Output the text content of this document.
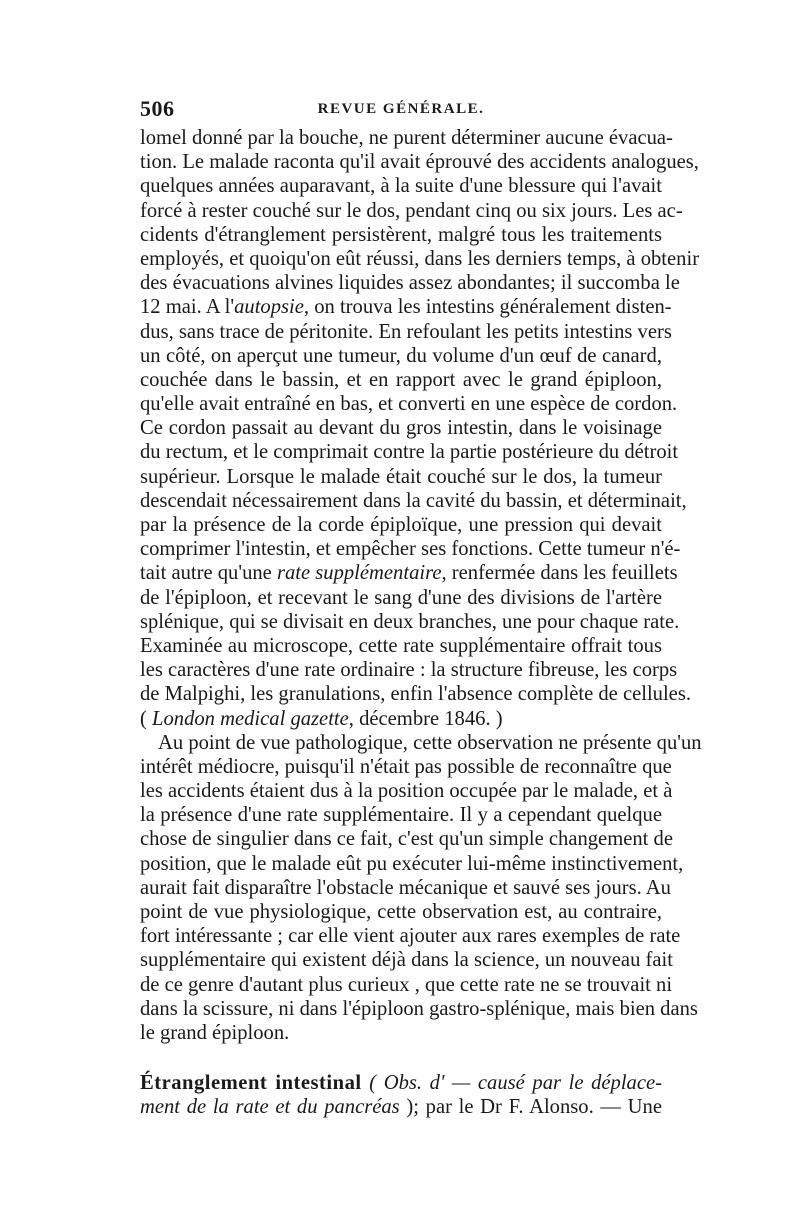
506	REVUE GÉNÉRALE.
lomel donné par la bouche, ne purent déterminer aucune évacua-
tion. Le malade raconta qu'il avait éprouvé des accidents analogues,
quelques années auparavant, à la suite d'une blessure qui l'avait
forcé à rester couché sur le dos, pendant cinq ou six jours. Les ac-
cidents d'étranglement persistèrent, malgré tous les traitements
employés, et quoiqu'on eût réussi, dans les derniers temps, à obtenir
des évacuations alvines liquides assez abondantes; il succomba le
12 mai. A l'autopsie, on trouva les intestins généralement disten-
dus, sans trace de péritonite. En refoulant les petits intestins vers
un côté, on aperçut une tumeur, du volume d'un œuf de canard,
couchée dans le bassin, et en rapport avec le grand épiploon,
qu'elle avait entraîné en bas, et converti en une espèce de cordon.
Ce cordon passait au devant du gros intestin, dans le voisinage
du rectum, et le comprimait contre la partie postérieure du détroit
supérieur. Lorsque le malade était couché sur le dos, la tumeur
descendait nécessairement dans la cavité du bassin, et déterminait,
par la présence de la corde épiploïque, une pression qui devait
comprimer l'intestin, et empêcher ses fonctions. Cette tumeur n'é-
tait autre qu'une rate supplémentaire, renfermée dans les feuillets
de l'épiploon, et recevant le sang d'une des divisions de l'artère
splénique, qui se divisait en deux branches, une pour chaque rate.
Examinée au microscope, cette rate supplémentaire offrait tous
les caractères d'une rate ordinaire : la structure fibreuse, les corps
de Malpighi, les granulations, enfin l'absence complète de cellules.
( London medical gazette, décembre 1846. )
Au point de vue pathologique, cette observation ne présente qu'un
intérêt médiocre, puisqu'il n'était pas possible de reconnaître que
les accidents étaient dus à la position occupée par le malade, et à
la présence d'une rate supplémentaire. Il y a cependant quelque
chose de singulier dans ce fait, c'est qu'un simple changement de
position, que le malade eût pu exécuter lui-même instinctivement,
aurait fait disparaître l'obstacle mécanique et sauvé ses jours. Au
point de vue physiologique, cette observation est, au contraire,
fort intéressante ; car elle vient ajouter aux rares exemples de rate
supplémentaire qui existent déjà dans la science, un nouveau fait
de ce genre d'autant plus curieux , que cette rate ne se trouvait ni
dans la scissure, ni dans l'épiploon gastro-splénique, mais bien dans
le grand épiploon.
Étranglement intestinal ( Obs. d' — causé par le déplace-
ment de la rate et du pancréas ); par le Dr F. Alonso. — Une
